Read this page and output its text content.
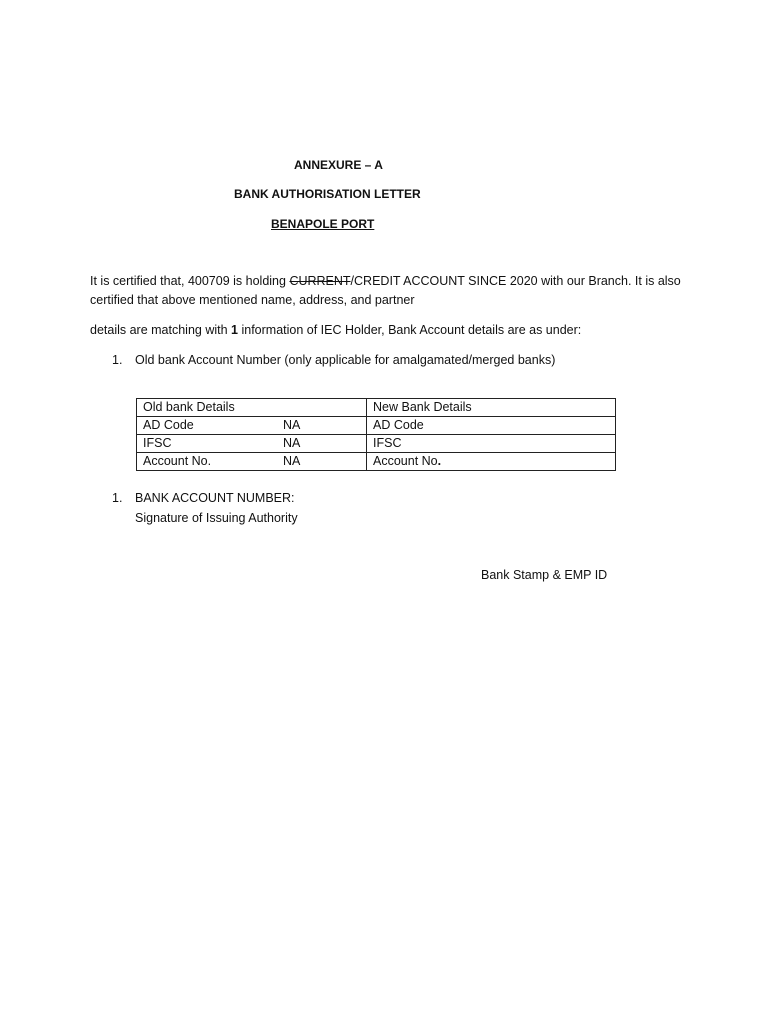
ANNEXURE – A
BANK AUTHORISATION LETTER
BENAPOLE PORT
It is certified that, 400709 is holding CURRENT/CREDIT ACCOUNT SINCE 2020 with our Branch. It is also
certified that above mentioned name, address, and partner
details are matching with 1 information of IEC Holder, Bank Account details are as under:
1. Old bank Account Number (only applicable for amalgamated/merged banks)
Old bank Details	New Bank Details
AD Code NA	AD Code
IFSC NA	IFSC
Account No. NA	Account No.
1. BANK ACCOUNT NUMBER:
Signature of Issuing Authority
Bank Stamp & EMP ID
